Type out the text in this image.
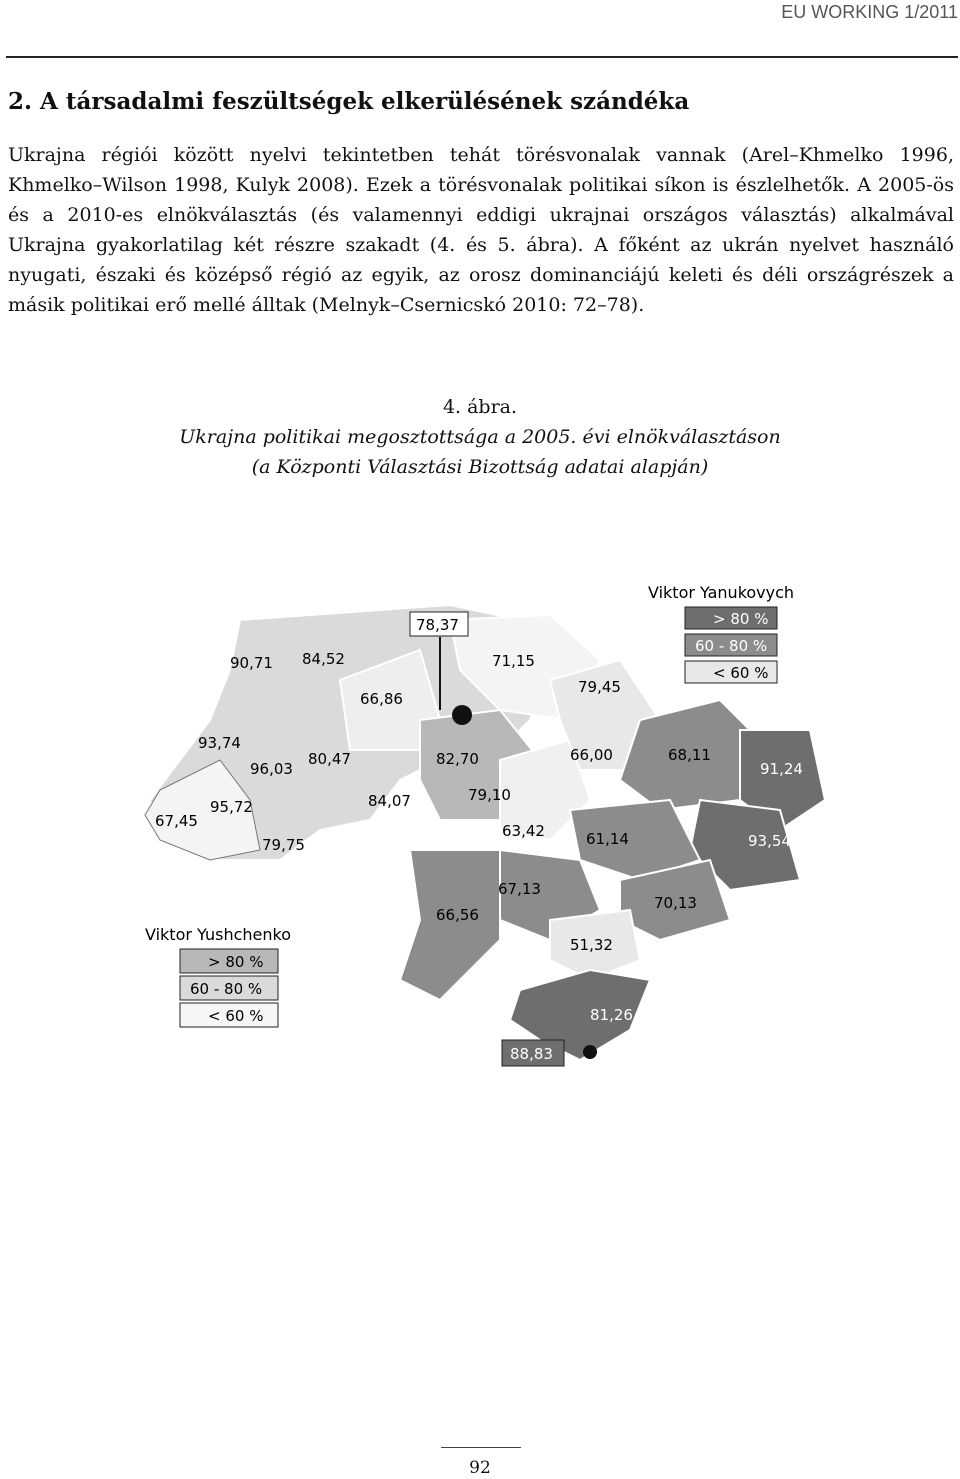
EU WORKING 1/2011
2. A társadalmi feszültségek elkerülésének szándéka
Ukrajna régiói között nyelvi tekintetben tehát törésvonalak vannak (Arel–Khmelko 1996, Khmelko–Wilson 1998, Kulyk 2008). Ezek a törésvonalak politikai síkon is észlelhetők. A 2005-ös és a 2010-es elnökválasztás (és valamennyi eddigi ukrajnai országos választás) alkalmával Ukrajna gyakorlatilag két részre szakadt (4. és 5. ábra). A főként az ukrán nyelvet használó nyugati, északi és középső régió az egyik, az orosz dominanciájú keleti és déli országrészek a másik politikai erő mellé álltak (Melnyk–Csernicskó 2010: 72–78).
4. ábra.
Ukrajna politikai megosztottsága a 2005. évi elnökválasztáson
(a Központi Választási Bizottság adatai alapján)
78,37
90,71 84,52	71,15
79,45
66,86
93,74
96,03
80,47	82,70	66,00	68,11
91,24
95,72
67,45
84,07	79,10
63,42	61,14	93,54
79,75
67,13
66,56
70,13
51,32
81,26
88,83
Viktor Yanukovych
> 80 %
60 - 80 %
< 60 %
Viktor Yushchenko
> 80 %
60 - 80 %
< 60 %
92
